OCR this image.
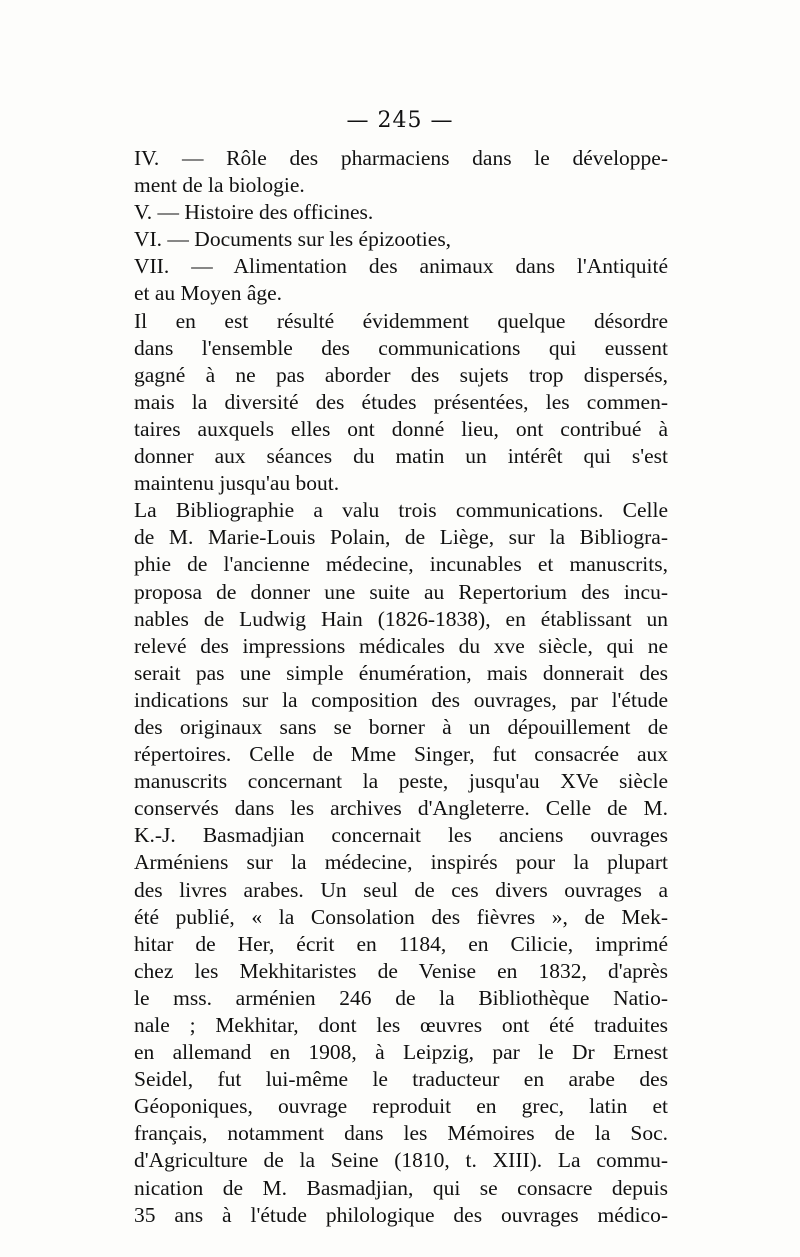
— 245 —
IV. — Rôle des pharmaciens dans le développe-
ment de la biologie.
V. — Histoire des officines.
VI. — Documents sur les épizooties,
VII. — Alimentation des animaux dans l'Antiquité
et au Moyen âge.
Il en est résulté évidemment quelque désordre
dans l'ensemble des communications qui eussent
gagné à ne pas aborder des sujets trop dispersés,
mais la diversité des études présentées, les commen-
taires auxquels elles ont donné lieu, ont contribué à
donner aux séances du matin un intérêt qui s'est
maintenu jusqu'au bout.
La Bibliographie a valu trois communications. Celle
de M. Marie-Louis Polain, de Liège, sur la Bibliogra-
phie de l'ancienne médecine, incunables et manuscrits,
proposa de donner une suite au Repertorium des incu-
nables de Ludwig Hain (1826-1838), en établissant un
relevé des impressions médicales du xve siècle, qui ne
serait pas une simple énumération, mais donnerait des
indications sur la composition des ouvrages, par l'étude
des originaux sans se borner à un dépouillement de
répertoires. Celle de Mme Singer, fut consacrée aux
manuscrits concernant la peste, jusqu'au XVe siècle
conservés dans les archives d'Angleterre. Celle de M.
K.-J. Basmadjian concernait les anciens ouvrages
Arméniens sur la médecine, inspirés pour la plupart
des livres arabes. Un seul de ces divers ouvrages a
été publié, « la Consolation des fièvres », de Mek-
hitar de Her, écrit en 1184, en Cilicie, imprimé
chez les Mekhitaristes de Venise en 1832, d'après
le mss. arménien 246 de la Bibliothèque Natio-
nale ; Mekhitar, dont les œuvres ont été traduites
en allemand en 1908, à Leipzig, par le Dr Ernest
Seidel, fut lui-même le traducteur en arabe des
Géoponiques, ouvrage reproduit en grec, latin et
français, notamment dans les Mémoires de la Soc.
d'Agriculture de la Seine (1810, t. XIII). La commu-
nication de M. Basmadjian, qui se consacre depuis
35 ans à l'étude philologique des ouvrages médico-
